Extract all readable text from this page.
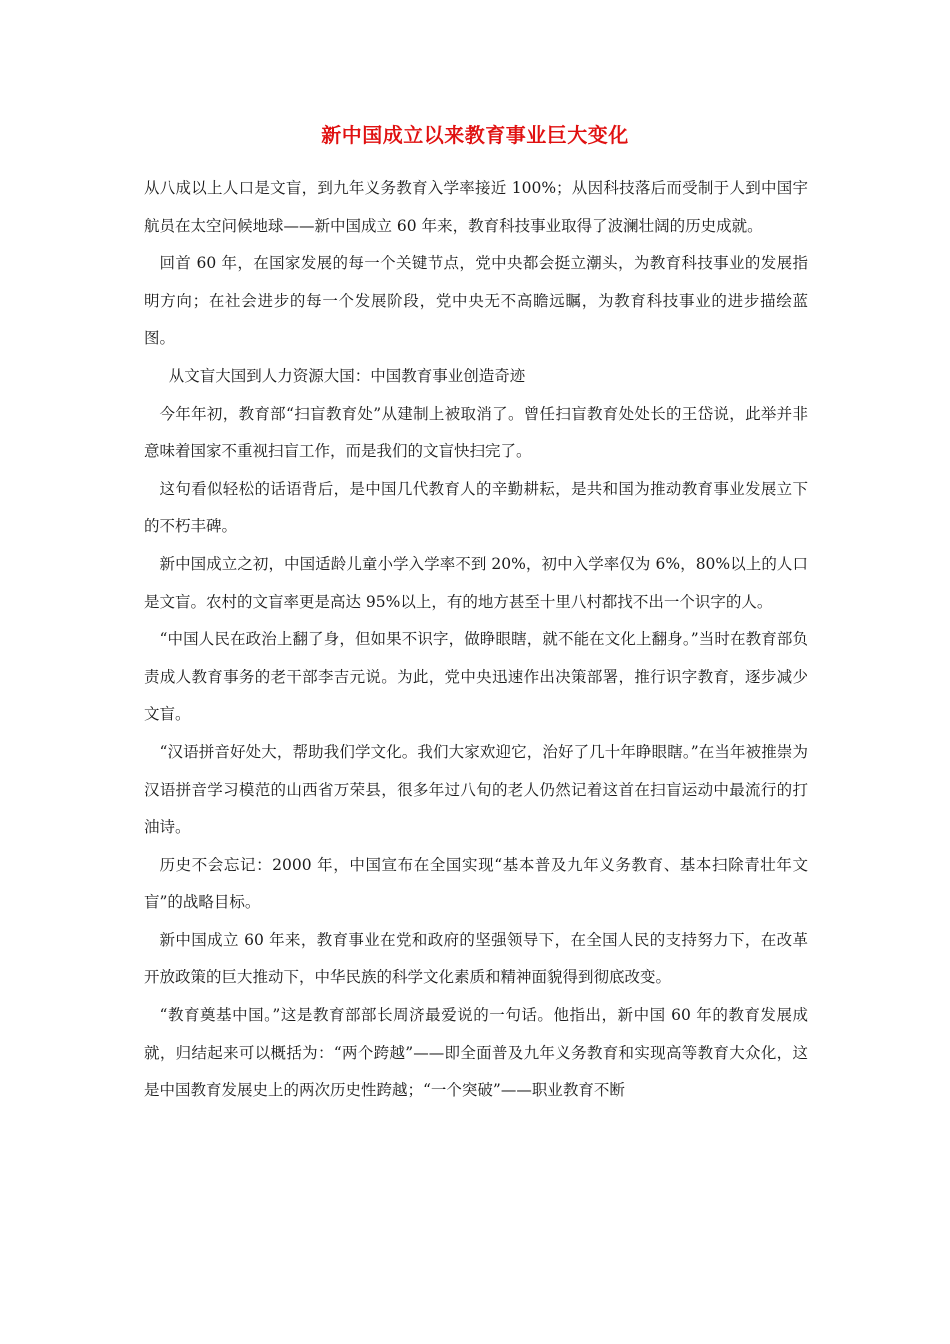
新中国成立以来教育事业巨大变化

从八成以上人口是文盲，到九年义务教育入学率接近 100%；从因科技落后而受制于人到中国宇航员在太空问候地球——新中国成立 60 年来，教育科技事业取得了波澜壮阔的历史成就。

回首 60 年，在国家发展的每一个关键节点，党中央都会挺立潮头，为教育科技事业的发展指明方向；在社会进步的每一个发展阶段，党中央无不高瞻远瞩，为教育科技事业的进步描绘蓝图。

从文盲大国到人力资源大国：中国教育事业创造奇迹

今年年初，教育部“扫盲教育处”从建制上被取消了。曾任扫盲教育处处长的王岱说，此举并非意味着国家不重视扫盲工作，而是我们的文盲快扫完了。

这句看似轻松的话语背后，是中国几代教育人的辛勤耕耘，是共和国为推动教育事业发展立下的不朽丰碑。

新中国成立之初，中国适龄儿童小学入学率不到 20%，初中入学率仅为 6%，80%以上的人口是文盲。农村的文盲率更是高达 95%以上，有的地方甚至十里八村都找不出一个识字的人。

“中国人民在政治上翻了身，但如果不识字，做睁眼瞎，就不能在文化上翻身。”当时在教育部负责成人教育事务的老干部李吉元说。为此，党中央迅速作出决策部署，推行识字教育，逐步减少文盲。

“汉语拼音好处大，帮助我们学文化。我们大家欢迎它，治好了几十年睁眼瞎。”在当年被推崇为汉语拼音学习模范的山西省万荣县，很多年过八旬的老人仍然记着这首在扫盲运动中最流行的打油诗。

历史不会忘记：2000 年，中国宣布在全国实现“基本普及九年义务教育、基本扫除青壮年文盲”的战略目标。

新中国成立 60 年来，教育事业在党和政府的坚强领导下，在全国人民的支持努力下，在改革开放政策的巨大推动下，中华民族的科学文化素质和精神面貌得到彻底改变。

“教育奠基中国。”这是教育部部长周济最爱说的一句话。他指出，新中国 60 年的教育发展成就，归结起来可以概括为：“两个跨越”——即全面普及九年义务教育和实现高等教育大众化，这是中国教育发展史上的两次历史性跨越；“一个突破”——职业教育不断
